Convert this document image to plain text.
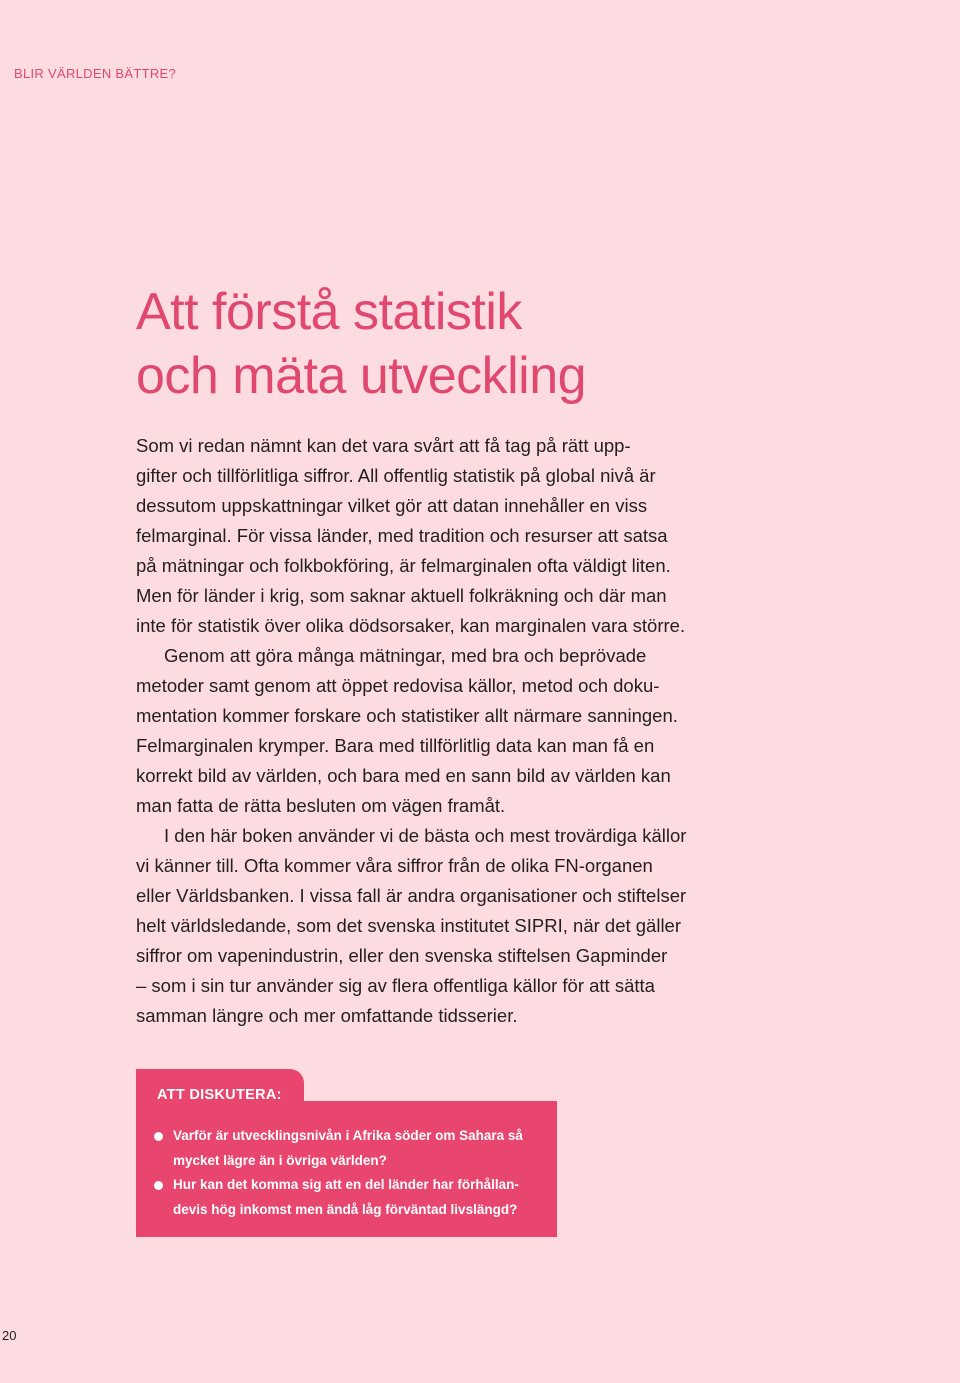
BLIR VÄRLDEN BÄTTRE?
Att förstå statistik
och mäta utveckling
Som vi redan nämnt kan det vara svårt att få tag på rätt upp-
gifter och tillförlitliga siffror. All offentlig statistik på global nivå är
dessutom uppskattningar vilket gör att datan innehåller en viss
felmarginal. För vissa länder, med tradition och resurser att satsa
på mätningar och folkbokföring, är felmarginalen ofta väldigt liten.
Men för länder i krig, som saknar aktuell folkräkning och där man
inte för statistik över olika dödsorsaker, kan marginalen vara större.
Genom att göra många mätningar, med bra och beprövade
metoder samt genom att öppet redovisa källor, metod och doku-
mentation kommer forskare och statistiker allt närmare sanningen.
Felmarginalen krymper. Bara med tillförlitlig data kan man få en
korrekt bild av världen, och bara med en sann bild av världen kan
man fatta de rätta besluten om vägen framåt.
I den här boken använder vi de bästa och mest trovärdiga källor
vi känner till. Ofta kommer våra siffror från de olika FN-organen
eller Världsbanken. I vissa fall är andra organisationer och stiftelser
helt världsledande, som det svenska institutet SIPRI, när det gäller
siffror om vapenindustrin, eller den svenska stiftelsen Gapminder
– som i sin tur använder sig av flera offentliga källor för att sätta
samman längre och mer omfattande tidsserier.
ATT DISKUTERA:
Varför är utvecklingsnivån i Afrika söder om Sahara så
mycket lägre än i övriga världen?
Hur kan det komma sig att en del länder har förhållan-
devis hög inkomst men ändå låg förväntad livslängd?
20
